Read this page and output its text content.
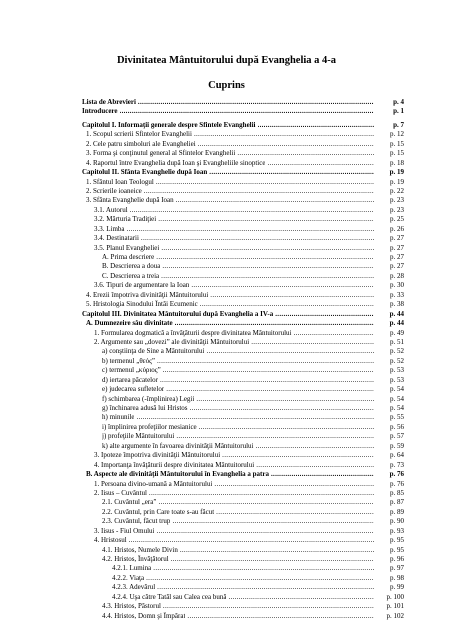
Divinitatea Mântuitorului după Evanghelia a 4-a
Cuprins
Lista de Abrevieri .....	p. 4
Introducere .....	p. 1
Capitolul I. Informaţii generale despre Sfintele Evanghelii .....	p. 7
1. Scopul scrierii Sfintelor Evanghelii .....	p. 12
2. Cele patru simboluri ale Evangheliei .....	p. 15
3. Forma şi conţinutul general al Sfintelor Evanghelii .....	p. 15
4. Raportul între Evanghelia după Ioan şi Evangheliile sinoptice .....	p. 18
Capitolul II. Sfânta Evanghelie după Ioan .....	p. 19
1. Sfântul Ioan Teologul .....	p. 19
2. Scrierile ioaneice .....	p. 22
3. Sfânta Evanghelie după Ioan .....	p. 23
3.1. Autorul .....	p. 23
3.2. Mărturia Tradiţiei .....	p. 25
3.3. Limba .....	p. 26
3.4. Destinatarii .....	p. 27
3.5. Planul Evangheliei .....	p. 27
A. Prima descriere .....	p. 27
B. Descrierea a doua .....	p. 27
C. Descrierea a treia .....	p. 28
3.6. Tipuri de argumentare la Ioan .....	p. 30
4. Erezii împotriva divinităţii Mântuitorului .....	p. 33
5. Hristologia Sinodului Întâi Ecumenic .....	p. 38
Capitolul III. Divinitatea Mântuitorului după Evanghelia a IV-a .....	p. 44
A. Dumnezeire său divinitate .....	p. 44
1. Formularea dogmatică a învăţăturii despre divinitatea Mântuitorului .....	p. 49
2. Argumente sau „dovezi” ale divinităţii Mântuitorului .....	p. 51
a) conştiinţa de Sine a Mântuitorului .....	p. 52
b) termenul „θεός” .....	p. 52
c) termenul „κύριος” .....	p. 53
d) iertarea păcatelor .....	p. 53
e) judecarea sufletelor .....	p. 54
f) schimbarea (-împlinirea) Legii .....	p. 54
g) închinarea adusă lui Hristos .....	p. 54
h) minunile .....	p. 55
i) împlinirea profeţiilor mesianice .....	p. 56
j) profeţiile Mântuitorului .....	p. 57
k) alte argumente în favoarea divinităţii Mântuitorului .....	p. 59
3. Ipoteze împotriva divinităţii Mântuitorului .....	p. 64
4. Importanţa învăţăturii despre divinitatea Mântuitorului .....	p. 73
B. Aspecte ale divinităţii Mântuitorului în Evanghelia a patra .....	p. 76
1. Persoana divino-umană a Mântuitorului .....	p. 76
2. Iisus – Cuvântul .....	p. 85
2.1. Cuvântul „era” .....	p. 87
2.2. Cuvântul, prin Care toate s-au făcut .....	p. 89
2.3. Cuvântul, făcut trup .....	p. 90
3. Iisus - Fiul Omului .....	p. 93
4. Hristosul .....	p. 95
4.1. Hristos, Numele Divin .....	p. 95
4.2. Hristos, Învăţătorul .....	p. 96
4.2.1. Lumina .....	p. 97
4.2.2. Viaţa .....	p. 98
4.2.3. Adevărul .....	p. 99
4.2.4. Uşa către Tatăl sau Calea cea bună .....	p. 100
4.3. Hristos, Păstorul .....	p. 101
4.4. Hristos, Domn şi Împărat .....	p. 102
